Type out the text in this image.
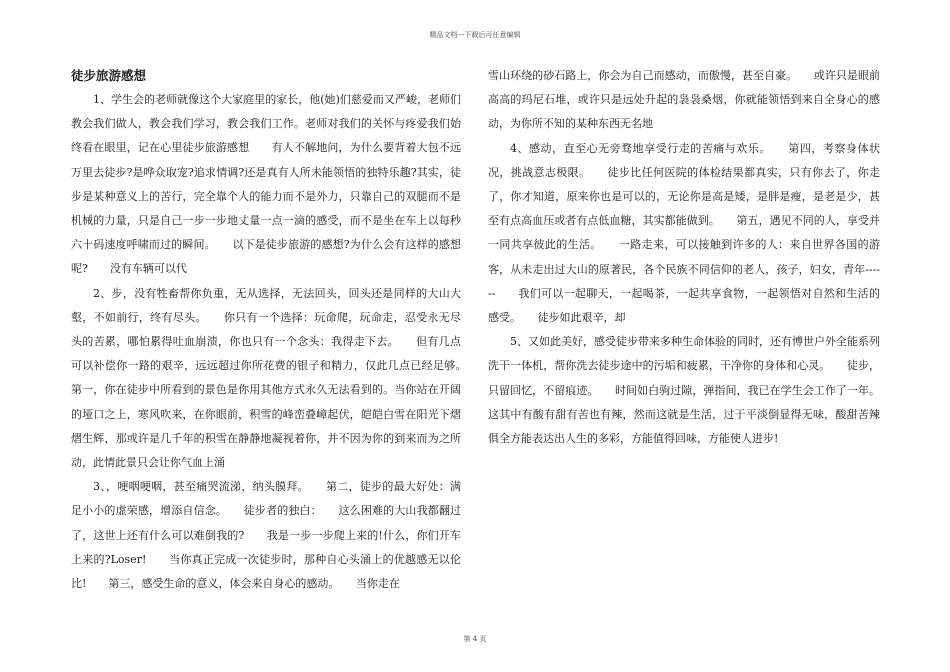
精品文档---下载后可任意编辑
徒步旅游感想

1、学生会的老师就像这个大家庭里的家长，他(她)们慈爱而又严峻，老师们教会我们做人，教会我们学习，教会我们工作。老师对我们的关怀与疼爱我们始终看在眼里，记在心里徒步旅游感想　　有人不解地问，为什么要背着大包不远万里去徒步?是哗众取宠?追求情调?还是真有人所未能领悟的独特乐趣?其实，徒步是某种意义上的苦行，完全靠个人的能力而不是外力，只靠自己的双腿而不是机械的力量，只是自己一步一步地丈量一点一滴的感受，而不是坐在车上以每秒六十码速度呼啸而过的瞬间。　　以下是徒步旅游的感想?为什么会有这样的感想呢?　　没有车辆可以代

2、步，没有牲畜帮你负重，无从选择，无法回头，回头还是同样的大山大壑，不如前行，终有尽头。　　你只有一个选择：玩命爬，玩命走，忍受永无尽头的苦累，哪怕累得吐血崩溃，你也只有一个念头：我得走下去。　　但有几点可以补偿你一路的艰辛，远远超过你所花费的银子和精力，仅此几点已经足够。　　第一，你在徒步中所看到的景色是你用其他方式永久无法看到的。当你站在开阔的垭口之上，寒风吹来，在你眼前，积雪的峰峦叠嶂起伏，皑皑白雪在阳光下熠熠生辉，那或许是几千年的积雪在静静地凝视着你，并不因为你的到来而为之所动，此情此景只会让你气血上涌

3、，哽咽哽咽，甚至痛哭流涕，纳头膜拜。　　第二，徒步的最大好处：满足小小的虚荣感，增添自信念。　　徒步者的独白：　　这么困难的大山我都翻过了，这世上还有什么可以难倒我的?　　我是一步一步爬上来的!什么，你们开车上来的?Loser!　　当你真正完成一次徒步时，那种自心头涌上的优越感无以伦比!　　第三，感受生命的意义，体会来自身心的感动。　　当你走在

雪山环绕的砂石路上，你会为自己而感动，而傲慢，甚至自豪。　　或许只是眼前高高的玛尼石堆，或许只是远处升起的袅袅桑烟，你就能领悟到来自全身心的感动，为你所不知的某种东西无名地

4、感动，直至心无旁骛地享受行走的苦痛与欢乐。　　第四，考察身体状况，挑战意志极限。　　徒步比任何医院的体检结果都真实，只有你去了，你走了，你才知道，原来你也是可以的，无论你是高是矮，是胖是瘦，是老是少，甚至有点高血压或者有点低血糖，其实都能做到。　　第五，遇见不同的人，享受并一同共享彼此的生活。　　一路走来，可以接触到许多的人：来自世界各国的游客，从未走出过大山的原著民，各个民族不同信仰的老人，孩子，妇女，青年------　　我们可以一起聊天，一起喝茶，一起共享食物，一起领悟对自然和生活的感受。　　徒步如此艰辛，却

5、又如此美好，感受徒步带来多种生命体验的同时，还有博世户外全能系列洗干一体机，帮你洗去徒步途中的污垢和疲累，干净你的身体和心灵。　　徒步，只留回忆，不留痕迹。　　时间如白驹过隙，弹指间，我已在学生会工作了一年。这其中有酸有甜有苦也有辣，然而这就是生活，过于平淡倒显得无味，酸甜苦辣俱全方能表达出人生的多彩，方能值得回味，方能使人进步!

第 4 页
